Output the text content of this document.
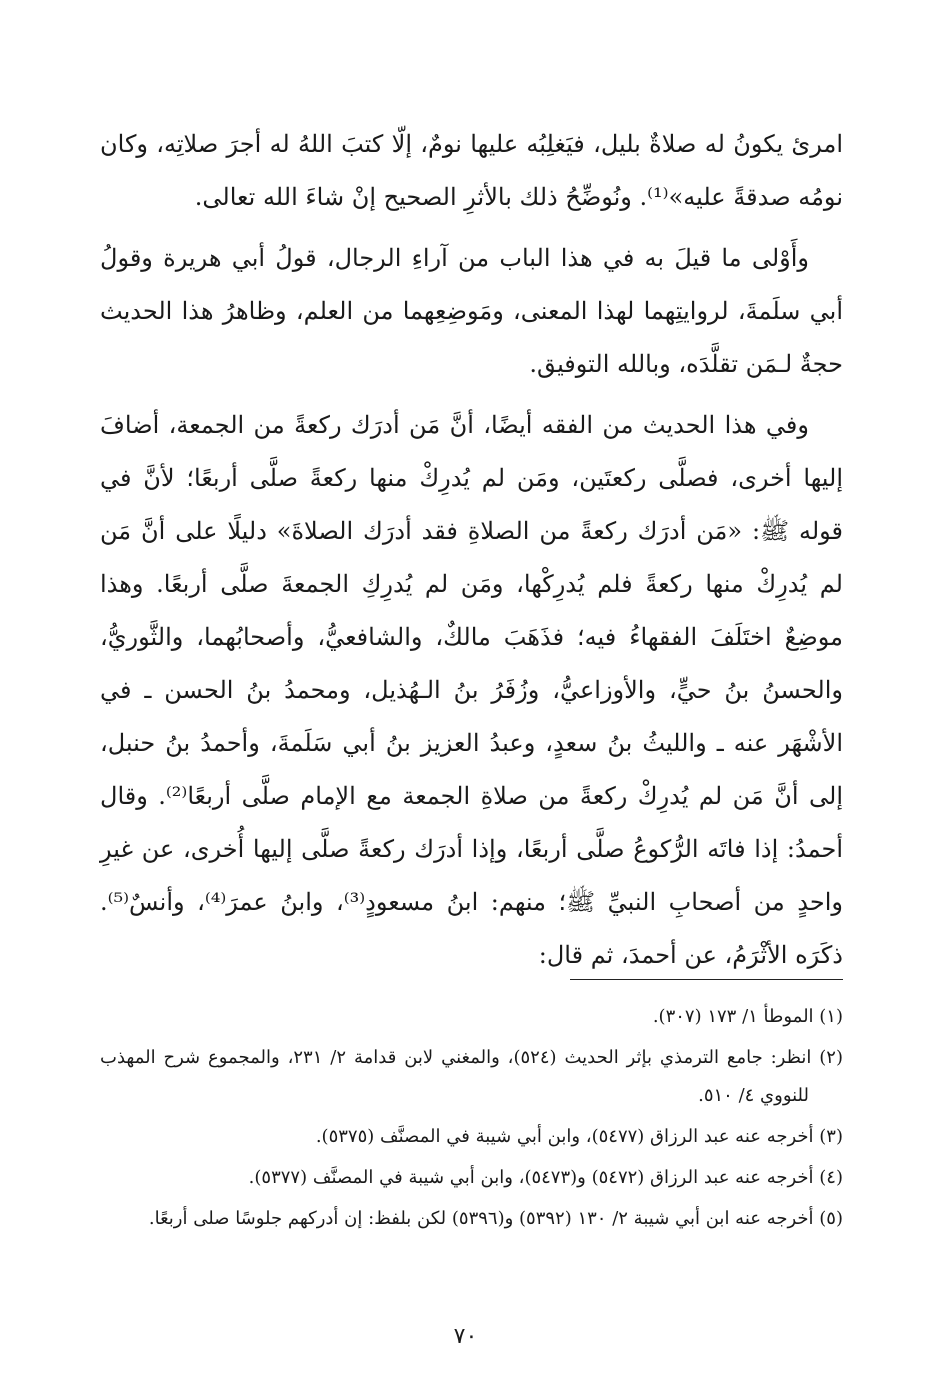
امرئ يكونُ له صلاةٌ بليل، فيَغلِبُه عليها نومٌ، إلّا كتبَ اللهُ له أجرَ صلاتِه، وكان نومُه صدقةً عليه»⁽¹⁾. ونُوضِّحُ ذلك بالأثرِ الصحيح إنْ شاءَ الله تعالى.

وأَوْلى ما قيلَ به في هذا الباب من آراءِ الرجال، قولُ أبي هريرة وقولُ أبي سلَمةَ، لروايتِهما لهذا المعنى، ومَوضِعِهما من العلم، وظاهرُ هذا الحديث حجةٌ لـمَن تقلَّدَه، وبالله التوفيق.

وفي هذا الحديث من الفقه أيضًا، أنَّ مَن أدرَك ركعةً من الجمعة، أضافَ إليها أخرى، فصلَّى ركعتَين، ومَن لم يُدرِكْ منها ركعةً صلَّى أربعًا؛ لأنَّ في قوله ﷺ: «مَن أدرَك ركعةً من الصلاةِ فقد أدرَك الصلاةَ» دليلًا على أنَّ مَن لم يُدرِكْ منها ركعةً فلم يُدرِكْها، ومَن لم يُدرِكِ الجمعةَ صلَّى أربعًا. وهذا موضِعٌ اختَلَفَ الفقهاءُ فيه؛ فذَهَبَ مالكٌ، والشافعيُّ، وأصحابُهما، والثَّوريُّ، والحسنُ بنُ حيٍّ، والأوزاعيُّ، وزُفَرُ بنُ الـهُذيل، ومحمدُ بنُ الحسن ـ في الأشْهَر عنه ـ والليثُ بنُ سعدٍ، وعبدُ العزيز بنُ أبي سَلَمةَ، وأحمدُ بنُ حنبل، إلى أنَّ مَن لم يُدرِكْ ركعةً من صلاةِ الجمعة مع الإمام صلَّى أربعًا⁽²⁾. وقال أحمدُ: إذا فاتَه الرُّكوعُ صلَّى أربعًا، وإذا أدرَك ركعةً صلَّى إليها أُخرى، عن غيرِ واحدٍ من أصحابِ النبيِّ ﷺ؛ منهم: ابنُ مسعودٍ⁽³⁾، وابنُ عمرَ⁽⁴⁾، وأنسٌ⁽⁵⁾. ذكَرَه الأثْرَمُ، عن أحمدَ، ثم قال:

(١) الموطأ ١/ ١٧٣ (٣٠٧).

(٢) انظر: جامع الترمذي بإثر الحديث (٥٢٤)، والمغني لابن قدامة ٢/ ٢٣١، والمجموع شرح المهذب للنووي ٤/ ٥١٠.

(٣) أخرجه عنه عبد الرزاق (٥٤٧٧)، وابن أبي شيبة في المصنَّف (٥٣٧٥).

(٤) أخرجه عنه عبد الرزاق (٥٤٧٢) و(٥٤٧٣)، وابن أبي شيبة في المصنَّف (٥٣٧٧).

(٥) أخرجه عنه ابن أبي شيبة ٢/ ١٣٠ (٥٣٩٢) و(٥٣٩٦) لكن بلفظ: إن أدركهم جلوسًا صلى أربعًا.

٧٠
